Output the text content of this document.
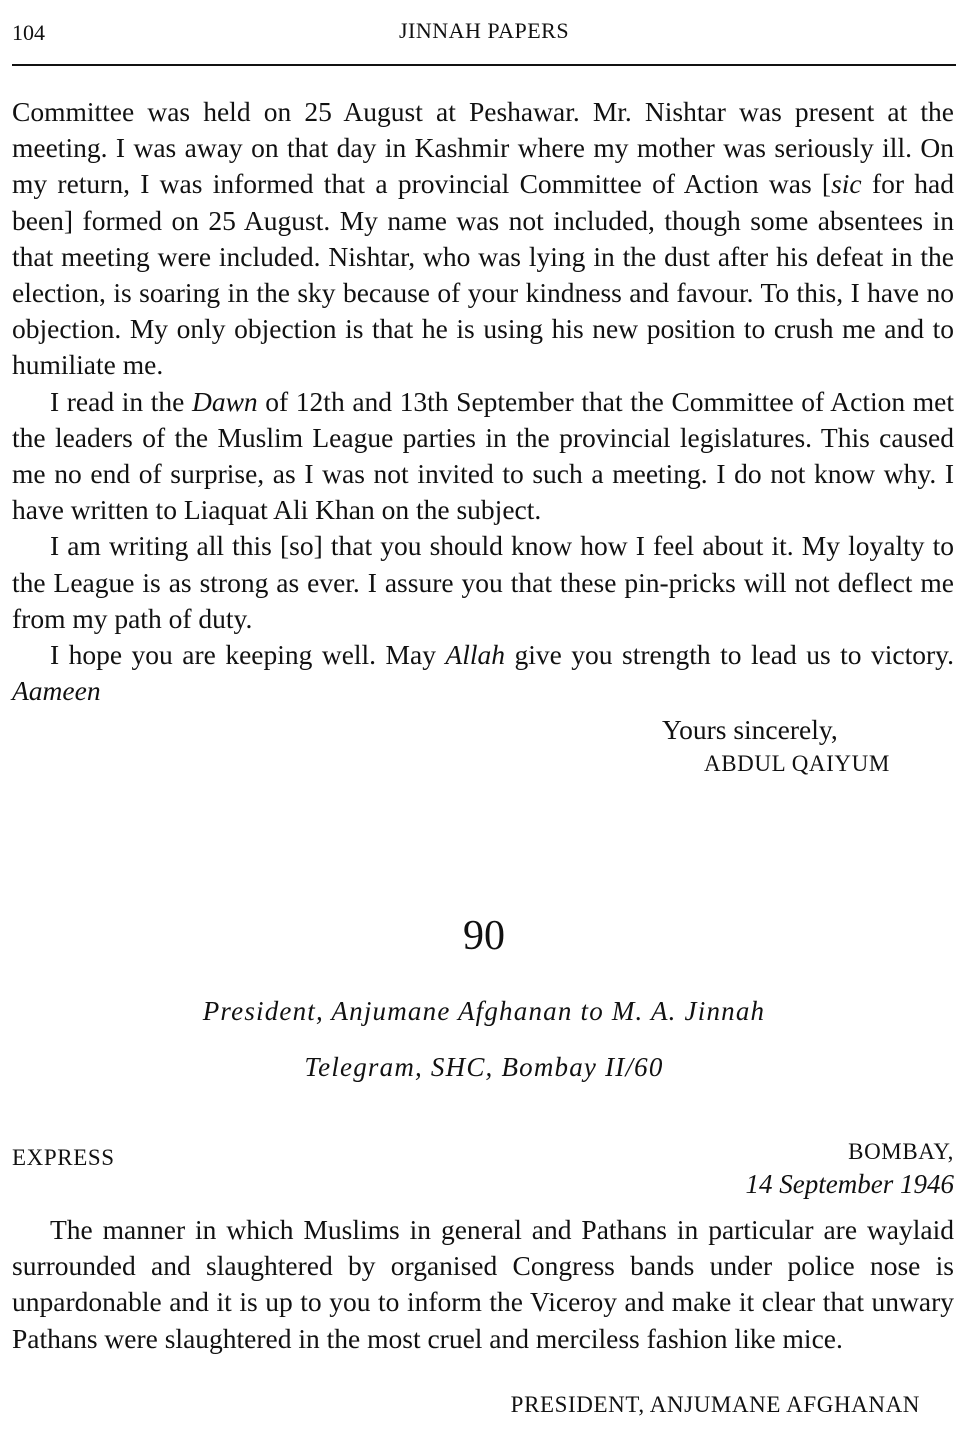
104	JINNAH PAPERS

Committee was held on 25 August at Peshawar. Mr. Nishtar was present at the meeting. I was away on that day in Kashmir where my mother was seriously ill. On my return, I was informed that a provincial Committee of Action was [sic for had been] formed on 25 August. My name was not included, though some absentees in that meeting were included. Nishtar, who was lying in the dust after his defeat in the election, is soaring in the sky because of your kindness and favour. To this, I have no objection. My only objection is that he is using his new position to crush me and to humiliate me.

I read in the Dawn of 12th and 13th September that the Committee of Action met the leaders of the Muslim League parties in the provincial legislatures. This caused me no end of surprise, as I was not invited to such a meeting. I do not know why. I have written to Liaquat Ali Khan on the subject.

I am writing all this [so] that you should know how I feel about it. My loyalty to the League is as strong as ever. I assure you that these pin-pricks will not deflect me from my path of duty.

I hope you are keeping well. May Allah give you strength to lead us to victory. Aameen

Yours sincerely,
ABDUL QAIYUM
90
President, Anjumane Afghanan to M. A. Jinnah
Telegram, SHC, Bombay II/60
EXPRESS	BOMBAY,
14 September 1946

The manner in which Muslims in general and Pathans in particular are waylaid surrounded and slaughtered by organised Congress bands under police nose is unpardonable and it is up to you to inform the Viceroy and make it clear that unwary Pathans were slaughtered in the most cruel and merciless fashion like mice.

PRESIDENT, ANJUMANE AFGHANAN
